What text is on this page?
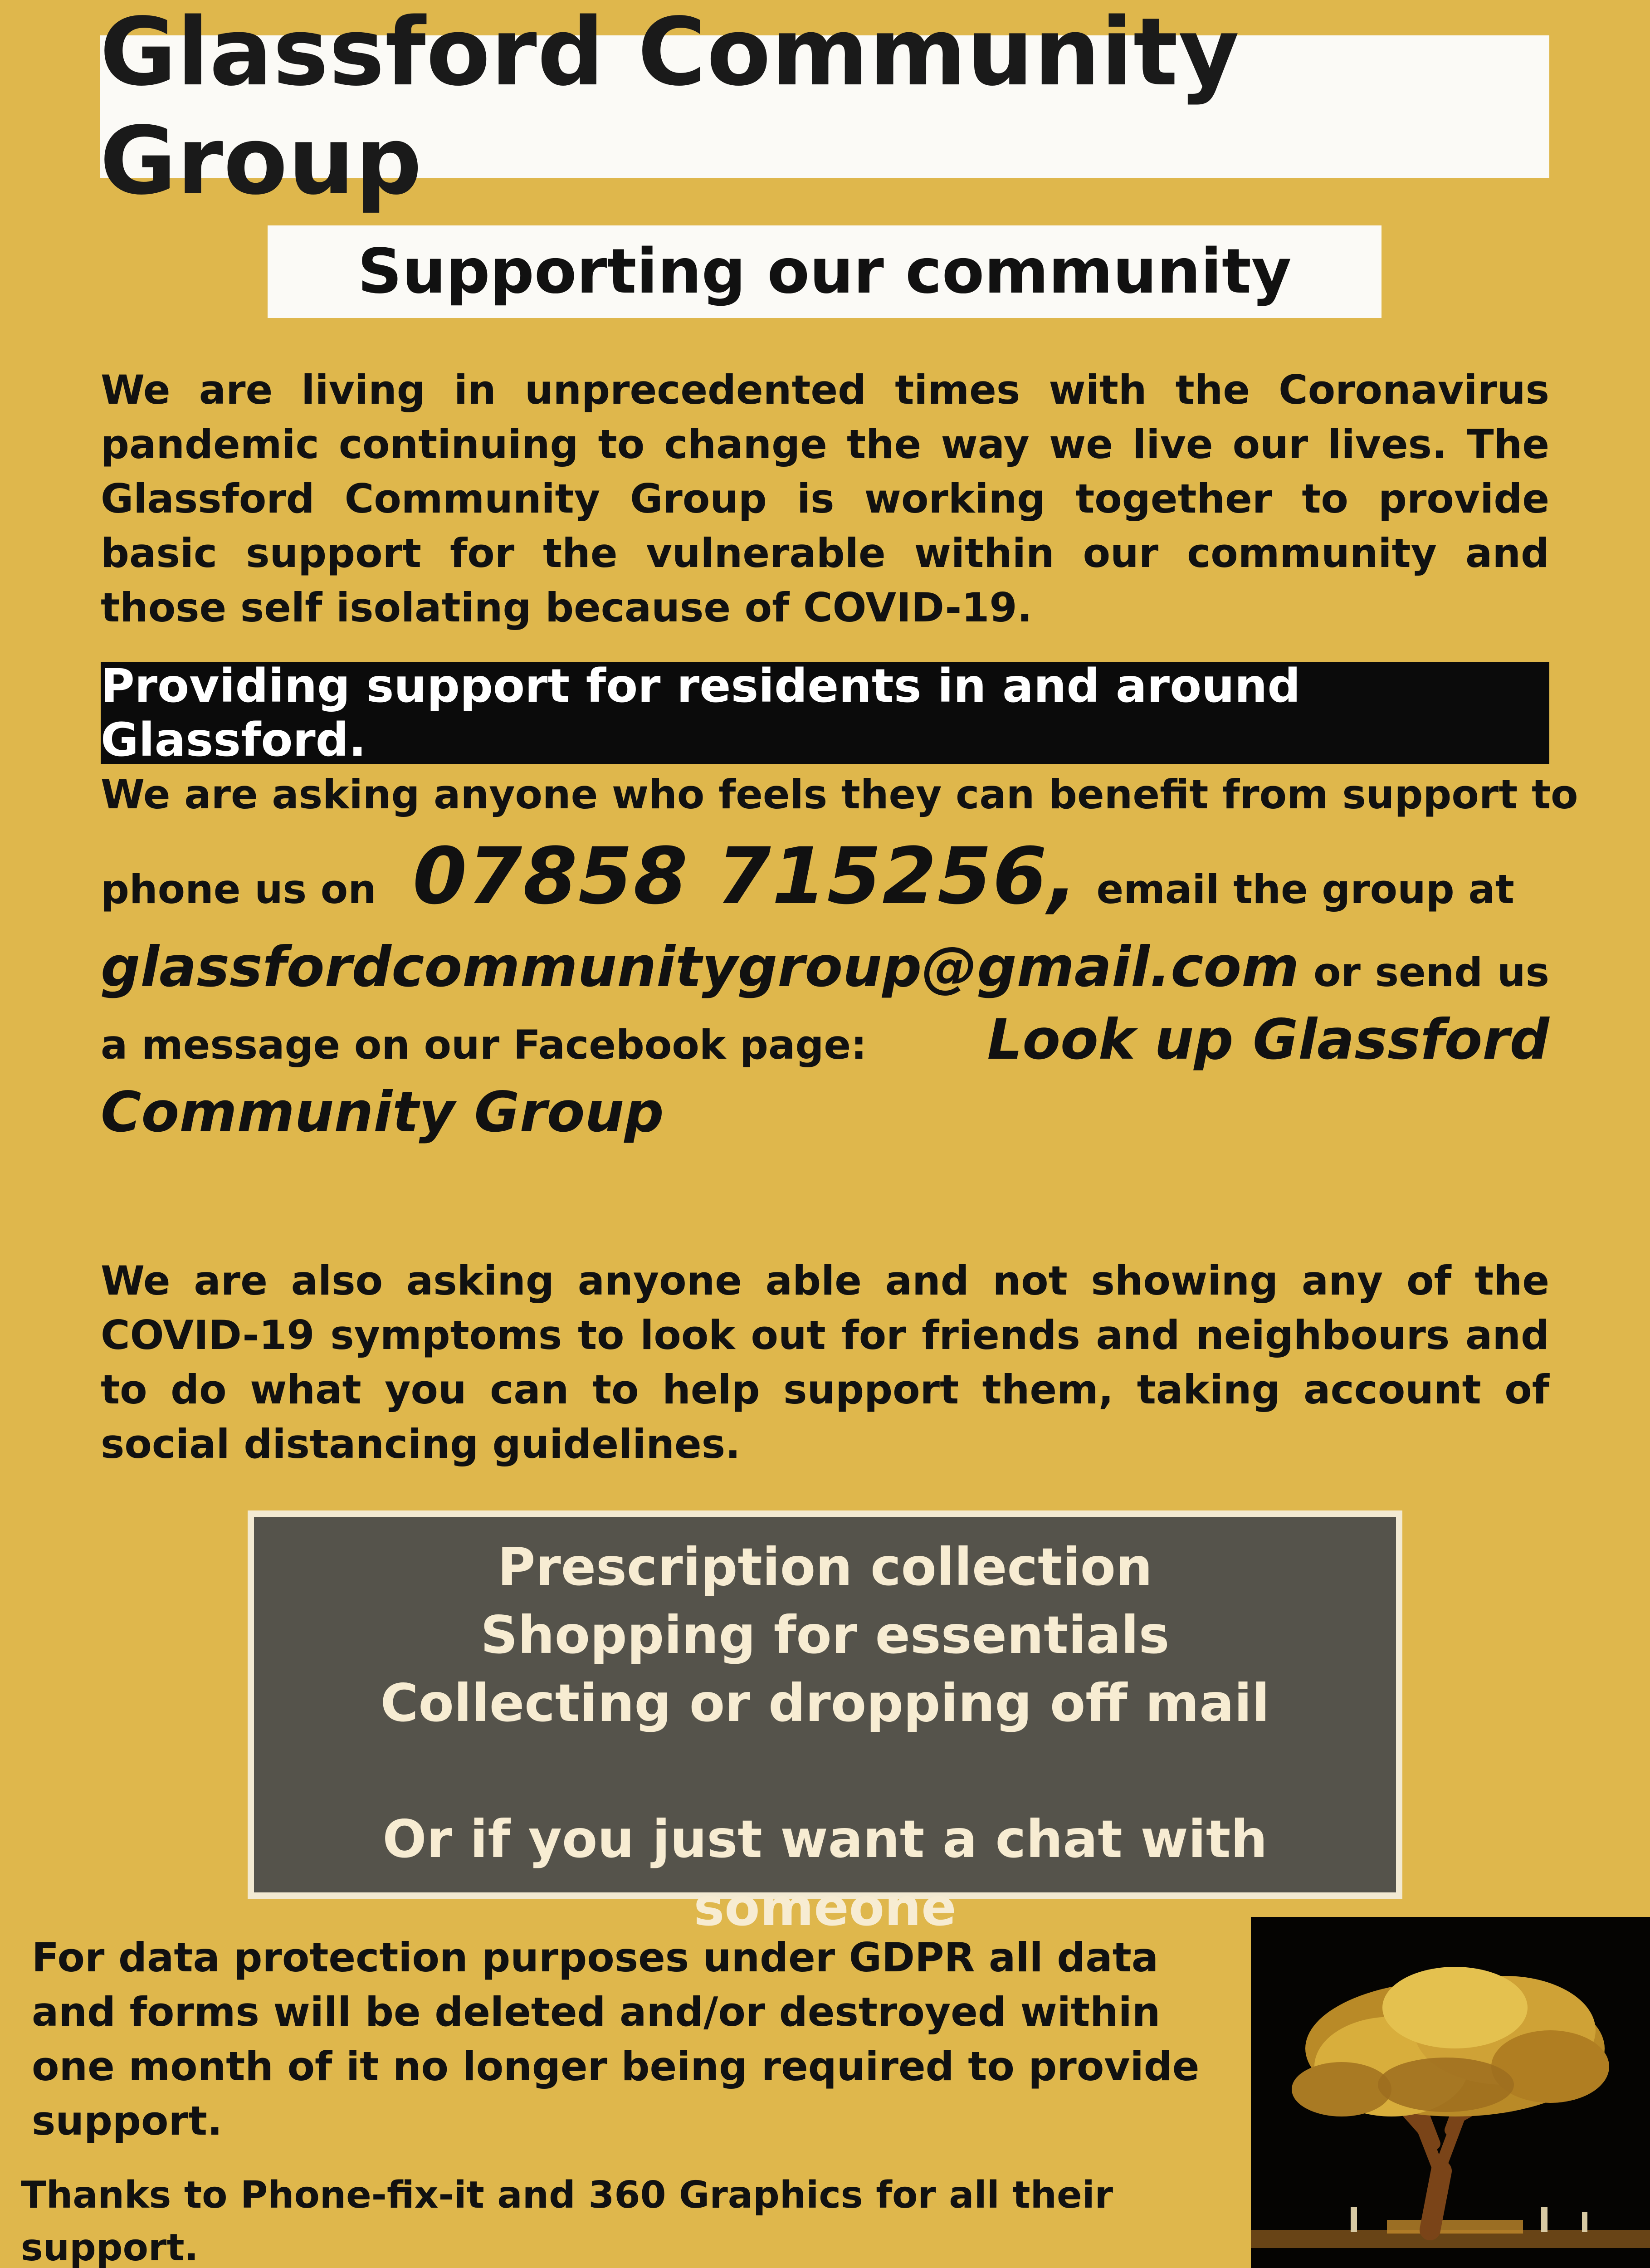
Glassford Community Group
Supporting our community
We are living in unprecedented times with the Coronavirus pandemic continuing to change the way we live our lives. The Glassford Community Group is working together to provide basic support for the vulnerable within our community and those self isolating because of COVID-19.
Providing support for residents in and around Glassford.
We are asking anyone who feels they can benefit from support to
phone us on 07858 715256, email the group at
glassfordcommunitygroup@gmail.com or send us
a message on our Facebook page: Look up Glassford
Community Group
We are also asking anyone able and not showing any of the COVID-19 symptoms to look out for friends and neighbours and to do what you can to help support them, taking account of social distancing guidelines.
Prescription collection
Shopping for essentials
Collecting or dropping off mail
Or if you just want a chat with someone
For data protection purposes under GDPR all data and forms will be deleted and/or destroyed within one month of it no longer being required to provide support.
Thanks to Phone-fix-it and 360 Graphics for all their support.
